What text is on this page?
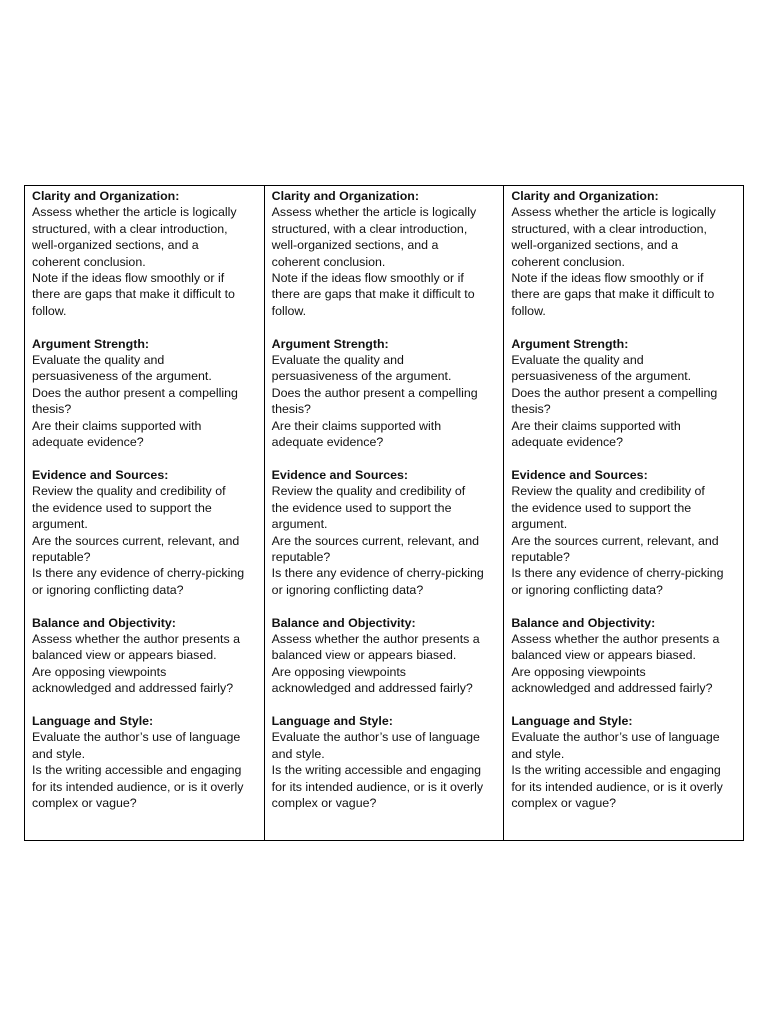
Clarity and Organization:
Assess whether the article is logically
structured, with a clear introduction,
well-organized sections, and a
coherent conclusion.
Note if the ideas flow smoothly or if
there are gaps that make it difficult to
follow.
Argument Strength:
Evaluate the quality and
persuasiveness of the argument.
Does the author present a compelling
thesis?
Are their claims supported with
adequate evidence?
Evidence and Sources:
Review the quality and credibility of
the evidence used to support the
argument.
Are the sources current, relevant, and
reputable?
Is there any evidence of cherry-picking
or ignoring conflicting data?
Balance and Objectivity:
Assess whether the author presents a
balanced view or appears biased.
Are opposing viewpoints
acknowledged and addressed fairly?
Language and Style:
Evaluate the author’s use of language
and style.
Is the writing accessible and engaging
for its intended audience, or is it overly
complex or vague?
Clarity and Organization:
Assess whether the article is logically
structured, with a clear introduction,
well-organized sections, and a
coherent conclusion.
Note if the ideas flow smoothly or if
there are gaps that make it difficult to
follow.
Argument Strength:
Evaluate the quality and
persuasiveness of the argument.
Does the author present a compelling
thesis?
Are their claims supported with
adequate evidence?
Evidence and Sources:
Review the quality and credibility of
the evidence used to support the
argument.
Are the sources current, relevant, and
reputable?
Is there any evidence of cherry-picking
or ignoring conflicting data?
Balance and Objectivity:
Assess whether the author presents a
balanced view or appears biased.
Are opposing viewpoints
acknowledged and addressed fairly?
Language and Style:
Evaluate the author’s use of language
and style.
Is the writing accessible and engaging
for its intended audience, or is it overly
complex or vague?
Clarity and Organization:
Assess whether the article is logically
structured, with a clear introduction,
well-organized sections, and a
coherent conclusion.
Note if the ideas flow smoothly or if
there are gaps that make it difficult to
follow.
Argument Strength:
Evaluate the quality and
persuasiveness of the argument.
Does the author present a compelling
thesis?
Are their claims supported with
adequate evidence?
Evidence and Sources:
Review the quality and credibility of
the evidence used to support the
argument.
Are the sources current, relevant, and
reputable?
Is there any evidence of cherry-picking
or ignoring conflicting data?
Balance and Objectivity:
Assess whether the author presents a
balanced view or appears biased.
Are opposing viewpoints
acknowledged and addressed fairly?
Language and Style:
Evaluate the author’s use of language
and style.
Is the writing accessible and engaging
for its intended audience, or is it overly
complex or vague?
